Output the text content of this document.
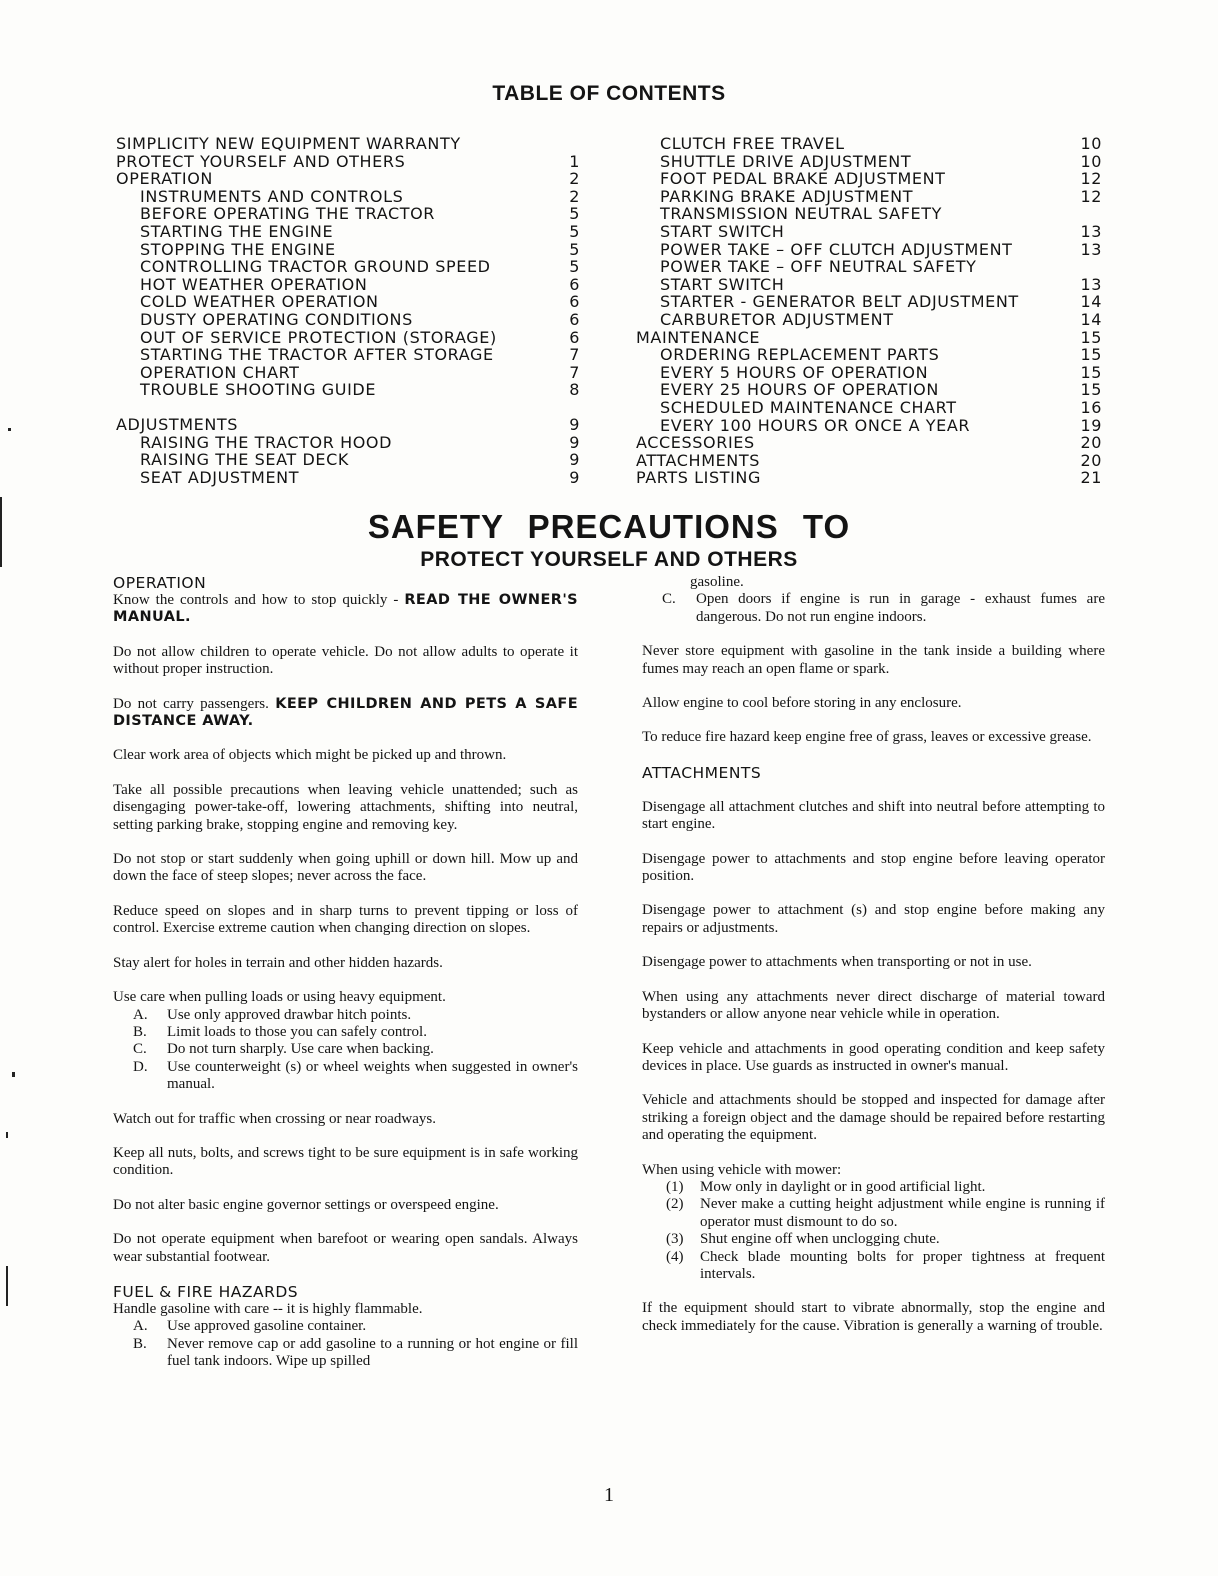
TABLE OF CONTENTS
SIMPLICITY NEW EQUIPMENT WARRANTY
PROTECT YOURSELF AND OTHERS	1
OPERATION	2
INSTRUMENTS AND CONTROLS	2
BEFORE OPERATING THE TRACTOR	5
STARTING THE ENGINE	5
STOPPING THE ENGINE	5
CONTROLLING TRACTOR GROUND SPEED	5
HOT WEATHER OPERATION	6
COLD WEATHER OPERATION	6
DUSTY OPERATING CONDITIONS	6
OUT OF SERVICE PROTECTION (STORAGE)	6
STARTING THE TRACTOR AFTER STORAGE	7
OPERATION CHART	7
TROUBLE SHOOTING GUIDE	8
ADJUSTMENTS	9
RAISING THE TRACTOR HOOD	9
RAISING THE SEAT DECK	9
SEAT ADJUSTMENT	9
CLUTCH FREE TRAVEL	10
SHUTTLE DRIVE ADJUSTMENT	10
FOOT PEDAL BRAKE ADJUSTMENT	12
PARKING BRAKE ADJUSTMENT	12
TRANSMISSION NEUTRAL SAFETY
START SWITCH	13
POWER TAKE – OFF CLUTCH ADJUSTMENT	13
POWER TAKE – OFF NEUTRAL SAFETY
START SWITCH	13
STARTER - GENERATOR BELT ADJUSTMENT	14
CARBURETOR ADJUSTMENT	14
MAINTENANCE	15
ORDERING REPLACEMENT PARTS	15
EVERY 5 HOURS OF OPERATION	15
EVERY 25 HOURS OF OPERATION	15
SCHEDULED MAINTENANCE CHART	16
EVERY 100 HOURS OR ONCE A YEAR	19
ACCESSORIES	20
ATTACHMENTS	20
PARTS LISTING	21
SAFETY PRECAUTIONS TO
PROTECT YOURSELF AND OTHERS
OPERATION

Know the controls and how to stop quickly - READ THE OWNER'S MANUAL.

Do not allow children to operate vehicle. Do not allow adults to operate it without proper instruction.

Do not carry passengers. KEEP CHILDREN AND PETS A SAFE DISTANCE AWAY.

Clear work area of objects which might be picked up and thrown.

Take all possible precautions when leaving vehicle unattended; such as disengaging power-take-off, lowering attachments, shifting into neutral, setting parking brake, stopping engine and removing key.

Do not stop or start suddenly when going uphill or down hill. Mow up and down the face of steep slopes; never across the face.

Reduce speed on slopes and in sharp turns to prevent tipping or loss of control. Exercise extreme caution when changing direction on slopes.

Stay alert for holes in terrain and other hidden hazards.

Use care when pulling loads or using heavy equipment.
A. Use only approved drawbar hitch points.
B. Limit loads to those you can safely control.
C. Do not turn sharply. Use care when backing.
D. Use counterweight (s) or wheel weights when suggested in owner's manual.

Watch out for traffic when crossing or near roadways.

Keep all nuts, bolts, and screws tight to be sure equipment is in safe working condition.

Do not alter basic engine governor settings or overspeed engine.

Do not operate equipment when barefoot or wearing open sandals. Always wear substantial footwear.

FUEL & FIRE HAZARDS
Handle gasoline with care -- it is highly flammable.
A. Use approved gasoline container.
B. Never remove cap or add gasoline to a running or hot engine or fill fuel tank indoors. Wipe up spilled
gasoline.
C. Open doors if engine is run in garage - exhaust fumes are dangerous. Do not run engine indoors.

Never store equipment with gasoline in the tank inside a building where fumes may reach an open flame or spark.

Allow engine to cool before storing in any enclosure.

To reduce fire hazard keep engine free of grass, leaves or excessive grease.

ATTACHMENTS

Disengage all attachment clutches and shift into neutral before attempting to start engine.

Disengage power to attachments and stop engine before leaving operator position.

Disengage power to attachment (s) and stop engine before making any repairs or adjustments.

Disengage power to attachments when transporting or not in use.

When using any attachments never direct discharge of material toward bystanders or allow anyone near vehicle while in operation.

Keep vehicle and attachments in good operating condition and keep safety devices in place. Use guards as instructed in owner's manual.

Vehicle and attachments should be stopped and inspected for damage after striking a foreign object and the damage should be repaired before restarting and operating the equipment.

When using vehicle with mower:
(1) Mow only in daylight or in good artificial light.
(2) Never make a cutting height adjustment while engine is running if operator must dismount to do so.
(3) Shut engine off when unclogging chute.
(4) Check blade mounting bolts for proper tightness at frequent intervals.

If the equipment should start to vibrate abnormally, stop the engine and check immediately for the cause. Vibration is generally a warning of trouble.

1
